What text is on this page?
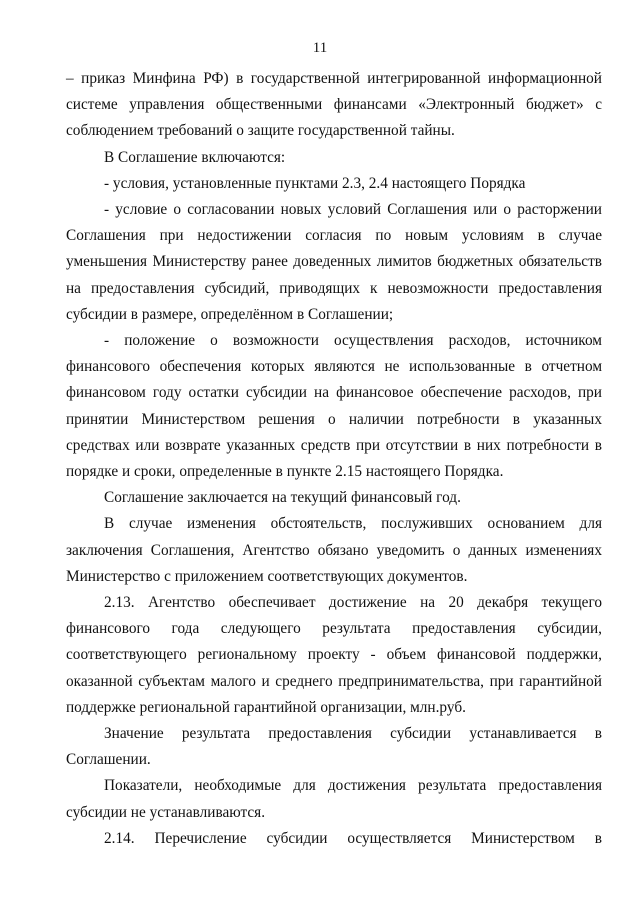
11

– приказ Минфина РФ) в государственной интегрированной информационной системе управления общественными финансами «Электронный бюджет» с соблюдением требований о защите государственной тайны.

В Соглашение включаются:

- условия, установленные пунктами 2.3, 2.4 настоящего Порядка

- условие о согласовании новых условий Соглашения или о расторжении Соглашения при недостижении согласия по новым условиям в случае уменьшения Министерству ранее доведенных лимитов бюджетных обязательств на предоставления субсидий, приводящих к невозможности предоставления субсидии в размере, определённом в Соглашении;

- положение о возможности осуществления расходов, источником финансового обеспечения которых являются не использованные в отчетном финансовом году остатки субсидии на финансовое обеспечение расходов, при принятии Министерством решения о наличии потребности в указанных средствах или возврате указанных средств при отсутствии в них потребности в порядке и сроки, определенные в пункте 2.15 настоящего Порядка.

Соглашение заключается на текущий финансовый год.

В случае изменения обстоятельств, послуживших основанием для заключения Соглашения, Агентство обязано уведомить о данных изменениях Министерство с приложением соответствующих документов.

2.13. Агентство обеспечивает достижение на 20 декабря текущего финансового года следующего результата предоставления субсидии, соответствующего региональному проекту - объем финансовой поддержки, оказанной субъектам малого и среднего предпринимательства, при гарантийной поддержке региональной гарантийной организации, млн.руб.

Значение результата предоставления субсидии устанавливается в Соглашении.

Показатели, необходимые для достижения результата предоставления субсидии не устанавливаются.

2.14. Перечисление субсидии осуществляется Министерством в
